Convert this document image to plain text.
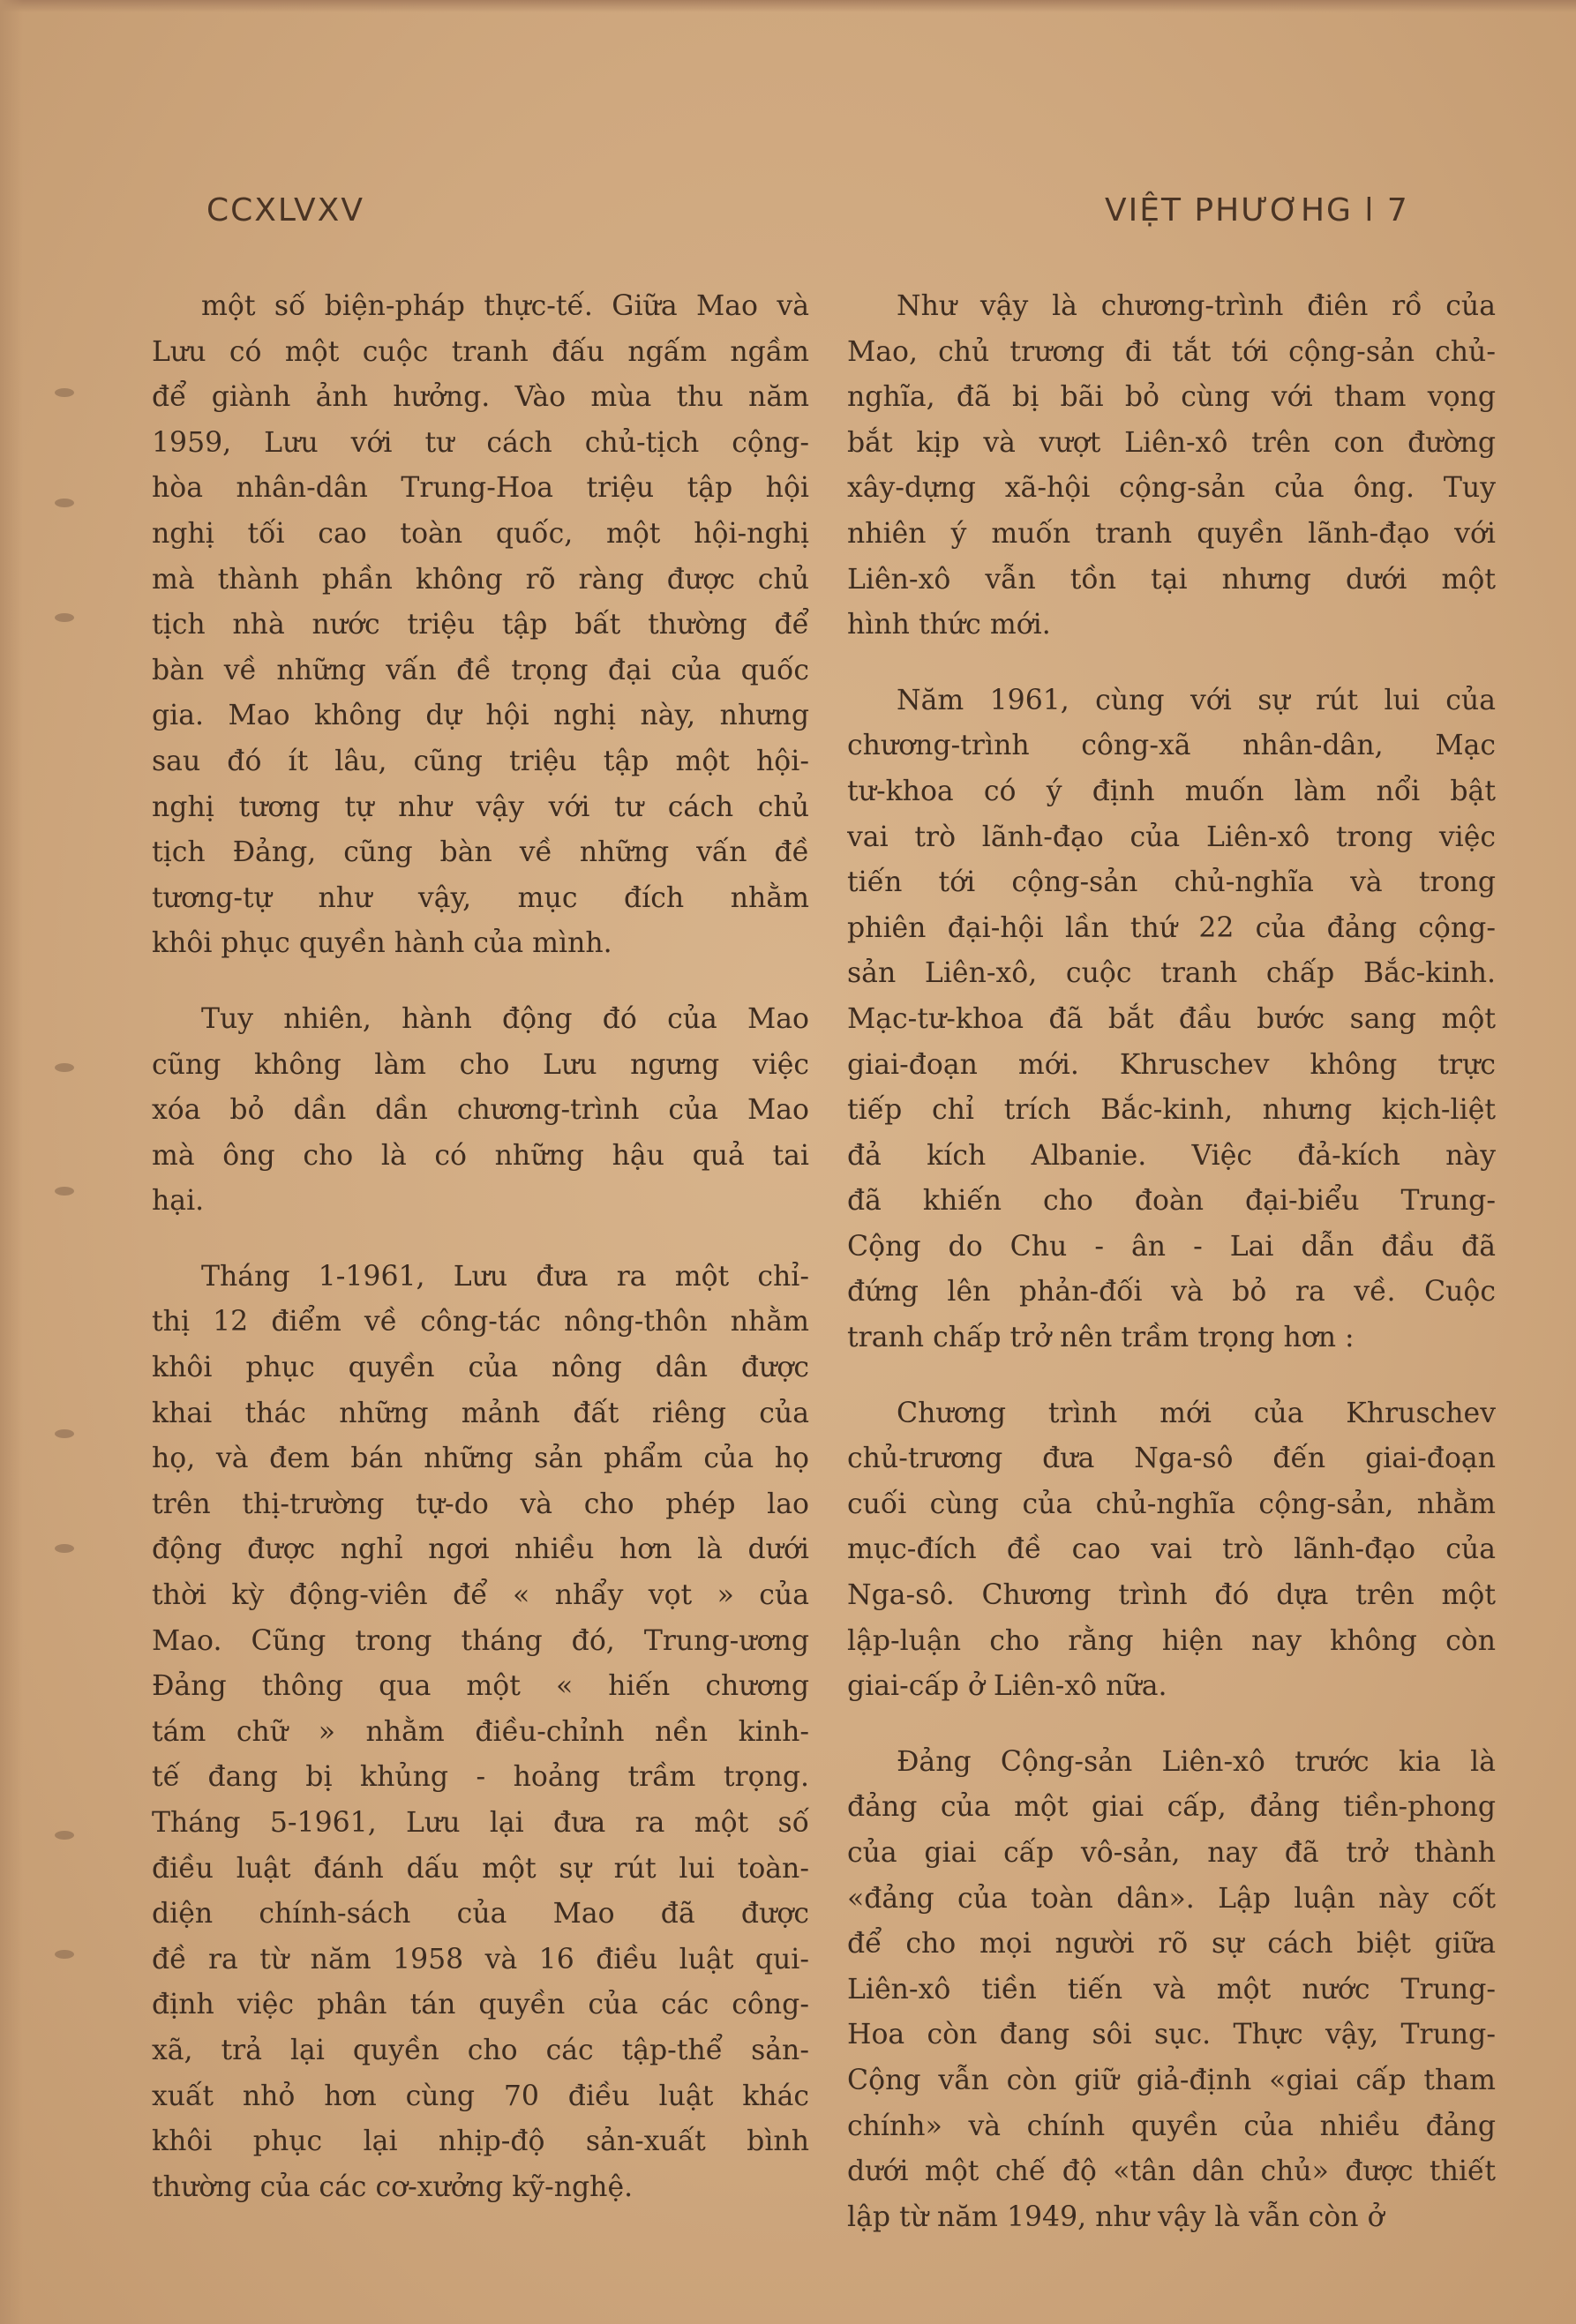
CCXLVXV	VIỆT PHƯƠHG l 7

một số biện-pháp thực-tế. Giữa Mao và
Lưu có một cuộc tranh đấu ngấm ngầm
để giành ảnh hưởng. Vào mùa thu năm
1959, Lưu với tư cách chủ-tịch cộng-
hòa nhân-dân Trung-Hoa triệu tập hội
nghị tối cao toàn quốc, một hội-nghị
mà thành phần không rõ ràng được chủ
tịch nhà nước triệu tập bất thường để
bàn về những vấn đề trọng đại của quốc
gia. Mao không dự hội nghị này, nhưng
sau đó ít lâu, cũng triệu tập một hội-
nghị tương tự như vậy với tư cách chủ
tịch Đảng, cũng bàn về những vấn đề
tương-tự như vậy, mục đích nhằm
khôi phục quyền hành của mình.

Tuy nhiên, hành động đó của Mao
cũng không làm cho Lưu ngưng việc
xóa bỏ dần dần chương-trình của Mao
mà ông cho là có những hậu quả tai
hại.

Tháng 1-1961, Lưu đưa ra một chỉ-
thị 12 điểm về công-tác nông-thôn nhằm
khôi phục quyền của nông dân được
khai thác những mảnh đất riêng của
họ, và đem bán những sản phẩm của họ
trên thị-trường tự-do và cho phép lao
động được nghỉ ngơi nhiều hơn là dưới
thời kỳ động-viên để « nhẩy vọt » của
Mao. Cũng trong tháng đó, Trung-ương
Đảng thông qua một « hiến chương
tám chữ » nhằm điều-chỉnh nền kinh-
tế đang bị khủng - hoảng trầm trọng.
Tháng 5-1961, Lưu lại đưa ra một số
điều luật đánh dấu một sự rút lui toàn-
diện chính-sách của Mao đã được
đề ra từ năm 1958 và 16 điều luật qui-
định việc phân tán quyền của các công-
xã, trả lại quyền cho các tập-thể sản-
xuất nhỏ hơn cùng 70 điều luật khác
khôi phục lại nhịp-độ sản-xuất bình
thường của các cơ-xưởng kỹ-nghệ.

Như vậy là chương-trình điên rồ của
Mao, chủ trương đi tắt tới cộng-sản chủ-
nghĩa, đã bị bãi bỏ cùng với tham vọng
bắt kịp và vượt Liên-xô trên con đường
xây-dựng xã-hội cộng-sản của ông. Tuy
nhiên ý muốn tranh quyền lãnh-đạo với
Liên-xô vẫn tồn tại nhưng dưới một
hình thức mới.

Năm 1961, cùng với sự rút lui của
chương-trình công-xã nhân-dân, Mạc
tư-khoa có ý định muốn làm nổi bật
vai trò lãnh-đạo của Liên-xô trong việc
tiến tới cộng-sản chủ-nghĩa và trong
phiên đại-hội lần thứ 22 của đảng cộng-
sản Liên-xô, cuộc tranh chấp Bắc-kinh.
Mạc-tư-khoa đã bắt đầu bước sang một
giai-đoạn mới. Khruschev không trực
tiếp chỉ trích Bắc-kinh, nhưng kịch-liệt
đả kích Albanie. Việc đả-kích này
đã khiến cho đoàn đại-biểu Trung-
Cộng do Chu - ân - Lai dẫn đầu đã
đứng lên phản-đối và bỏ ra về. Cuộc
tranh chấp trở nên trầm trọng hơn :

Chương trình mới của Khruschev
chủ-trương đưa Nga-sô đến giai-đoạn
cuối cùng của chủ-nghĩa cộng-sản, nhằm
mục-đích đề cao vai trò lãnh-đạo của
Nga-sô. Chương trình đó dựa trên một
lập-luận cho rằng hiện nay không còn
giai-cấp ở Liên-xô nữa.

Đảng Cộng-sản Liên-xô trước kia là
đảng của một giai cấp, đảng tiền-phong
của giai cấp vô-sản, nay đã trở thành
«đảng của toàn dân». Lập luận này cốt
để cho mọi người rõ sự cách biệt giữa
Liên-xô tiền tiến và một nước Trung-
Hoa còn đang sôi sục. Thực vậy, Trung-
Cộng vẫn còn giữ giả-định «giai cấp tham
chính» và chính quyền của nhiều đảng
dưới một chế độ «tân dân chủ» được thiết
lập từ năm 1949, như vậy là vẫn còn ở
